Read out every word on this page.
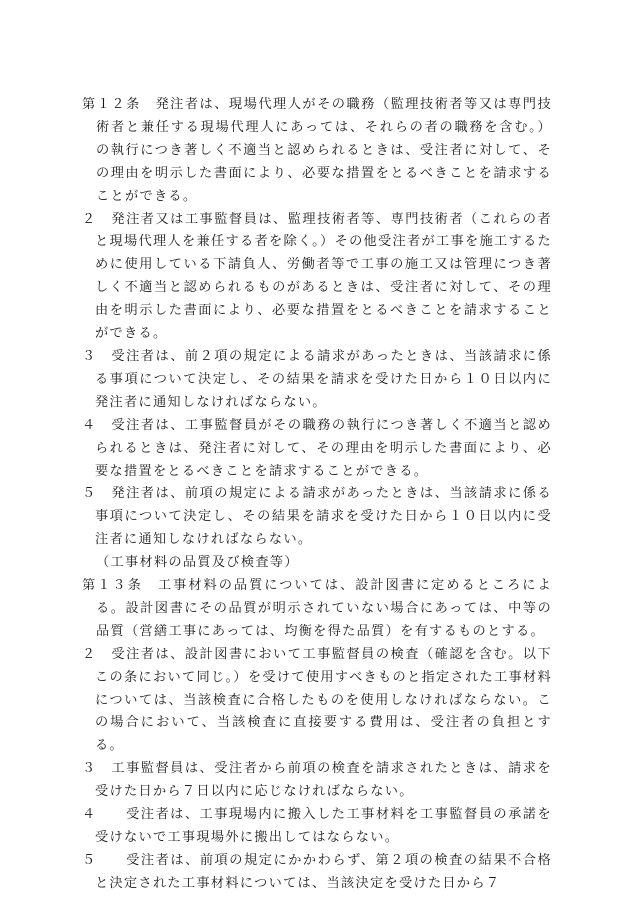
第１２条　発注者は、現場代理人がその職務（監理技術者等又は専門技術者と兼任する現場代理人にあっては、それらの者の職務を含む。）の執行につき著しく不適当と認められるときは、受注者に対して、その理由を明示した書面により、必要な措置をとるべきことを請求することができる。

２　発注者又は工事監督員は、監理技術者等、専門技術者（これらの者と現場代理人を兼任する者を除く。）その他受注者が工事を施工するために使用している下請負人、労働者等で工事の施工又は管理につき著しく不適当と認められるものがあるときは、受注者に対して、その理由を明示した書面により、必要な措置をとるべきことを請求することができる。

３　受注者は、前２項の規定による請求があったときは、当該請求に係る事項について決定し、その結果を請求を受けた日から１０日以内に発注者に通知しなければならない。

４　受注者は、工事監督員がその職務の執行につき著しく不適当と認められるときは、発注者に対して、その理由を明示した書面により、必要な措置をとるべきことを請求することができる。

５　発注者は、前項の規定による請求があったときは、当該請求に係る事項について決定し、その結果を請求を受けた日から１０日以内に受注者に通知しなければならない。

（工事材料の品質及び検査等）

第１３条　工事材料の品質については、設計図書に定めるところによる。設計図書にその品質が明示されていない場合にあっては、中等の品質（営繕工事にあっては、均衡を得た品質）を有するものとする。

２　受注者は、設計図書において工事監督員の検査（確認を含む。以下この条において同じ。）を受けて使用すべきものと指定された工事材料については、当該検査に合格したものを使用しなければならない。この場合において、当該検査に直接要する費用は、受注者の負担とする。

３　工事監督員は、受注者から前項の検査を請求されたときは、請求を受けた日から７日以内に応じなければならない。

４　　受注者は、工事現場内に搬入した工事材料を工事監督員の承諾を受けないで工事現場外に搬出してはならない。

５　　受注者は、前項の規定にかかわらず、第２項の検査の結果不合格と決定された工事材料については、当該決定を受けた日から７
